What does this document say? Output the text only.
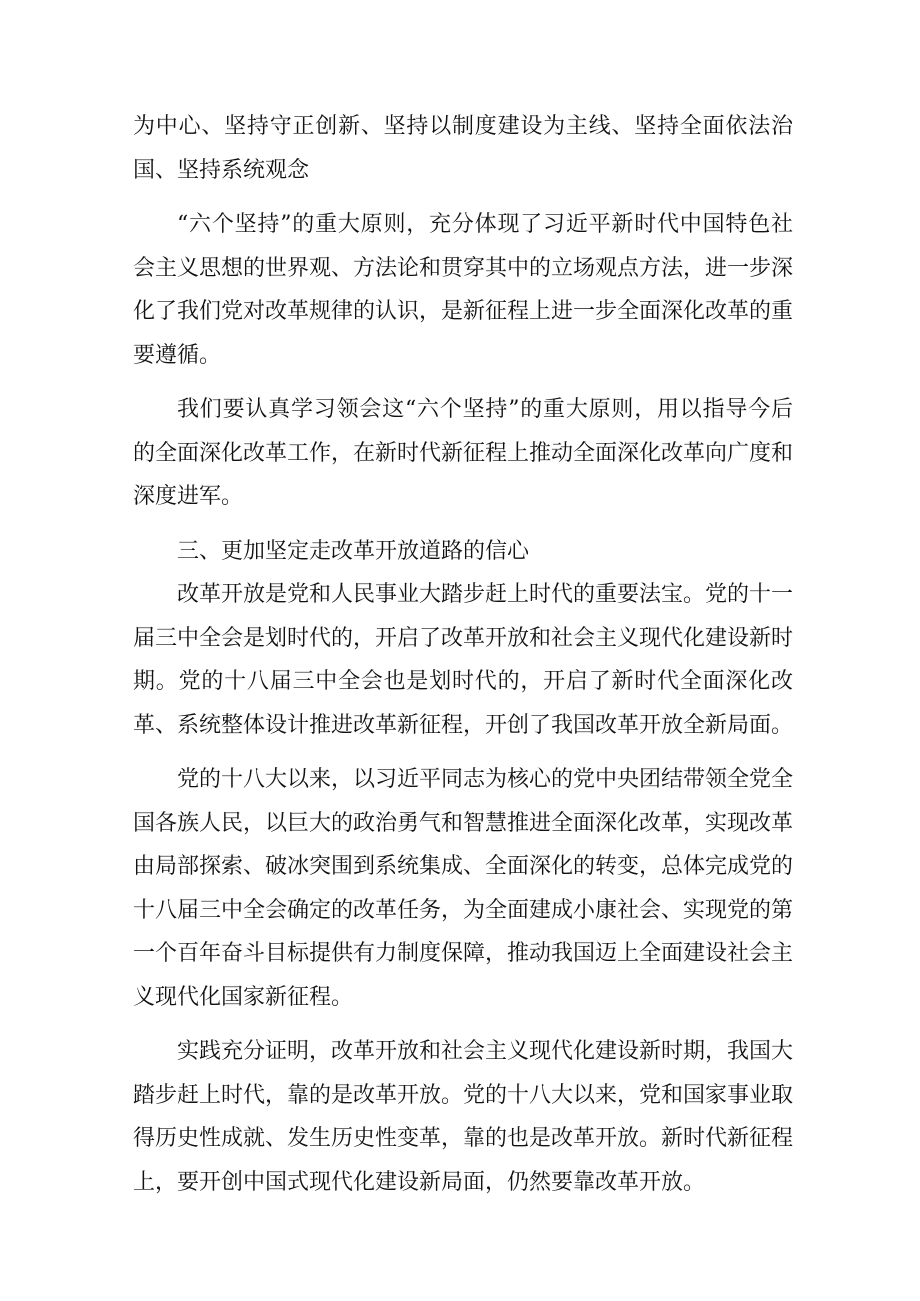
为中心、坚持守正创新、坚持以制度建设为主线、坚持全面依法治国、坚持系统观念

“六个坚持”的重大原则，充分体现了习近平新时代中国特色社会主义思想的世界观、方法论和贯穿其中的立场观点方法，进一步深化了我们党对改革规律的认识，是新征程上进一步全面深化改革的重要遵循。

我们要认真学习领会这“六个坚持”的重大原则，用以指导今后的全面深化改革工作，在新时代新征程上推动全面深化改革向广度和深度进军。

三、更加坚定走改革开放道路的信心

改革开放是党和人民事业大踏步赶上时代的重要法宝。党的十一届三中全会是划时代的，开启了改革开放和社会主义现代化建设新时期。党的十八届三中全会也是划时代的，开启了新时代全面深化改革、系统整体设计推进改革新征程，开创了我国改革开放全新局面。

党的十八大以来，以习近平同志为核心的党中央团结带领全党全国各族人民，以巨大的政治勇气和智慧推进全面深化改革，实现改革由局部探索、破冰突围到系统集成、全面深化的转变，总体完成党的十八届三中全会确定的改革任务，为全面建成小康社会、实现党的第一个百年奋斗目标提供有力制度保障，推动我国迈上全面建设社会主义现代化国家新征程。

实践充分证明，改革开放和社会主义现代化建设新时期，我国大踏步赶上时代，靠的是改革开放。党的十八大以来，党和国家事业取得历史性成就、发生历史性变革，靠的也是改革开放。新时代新征程上，要开创中国式现代化建设新局面，仍然要靠改革开放。
